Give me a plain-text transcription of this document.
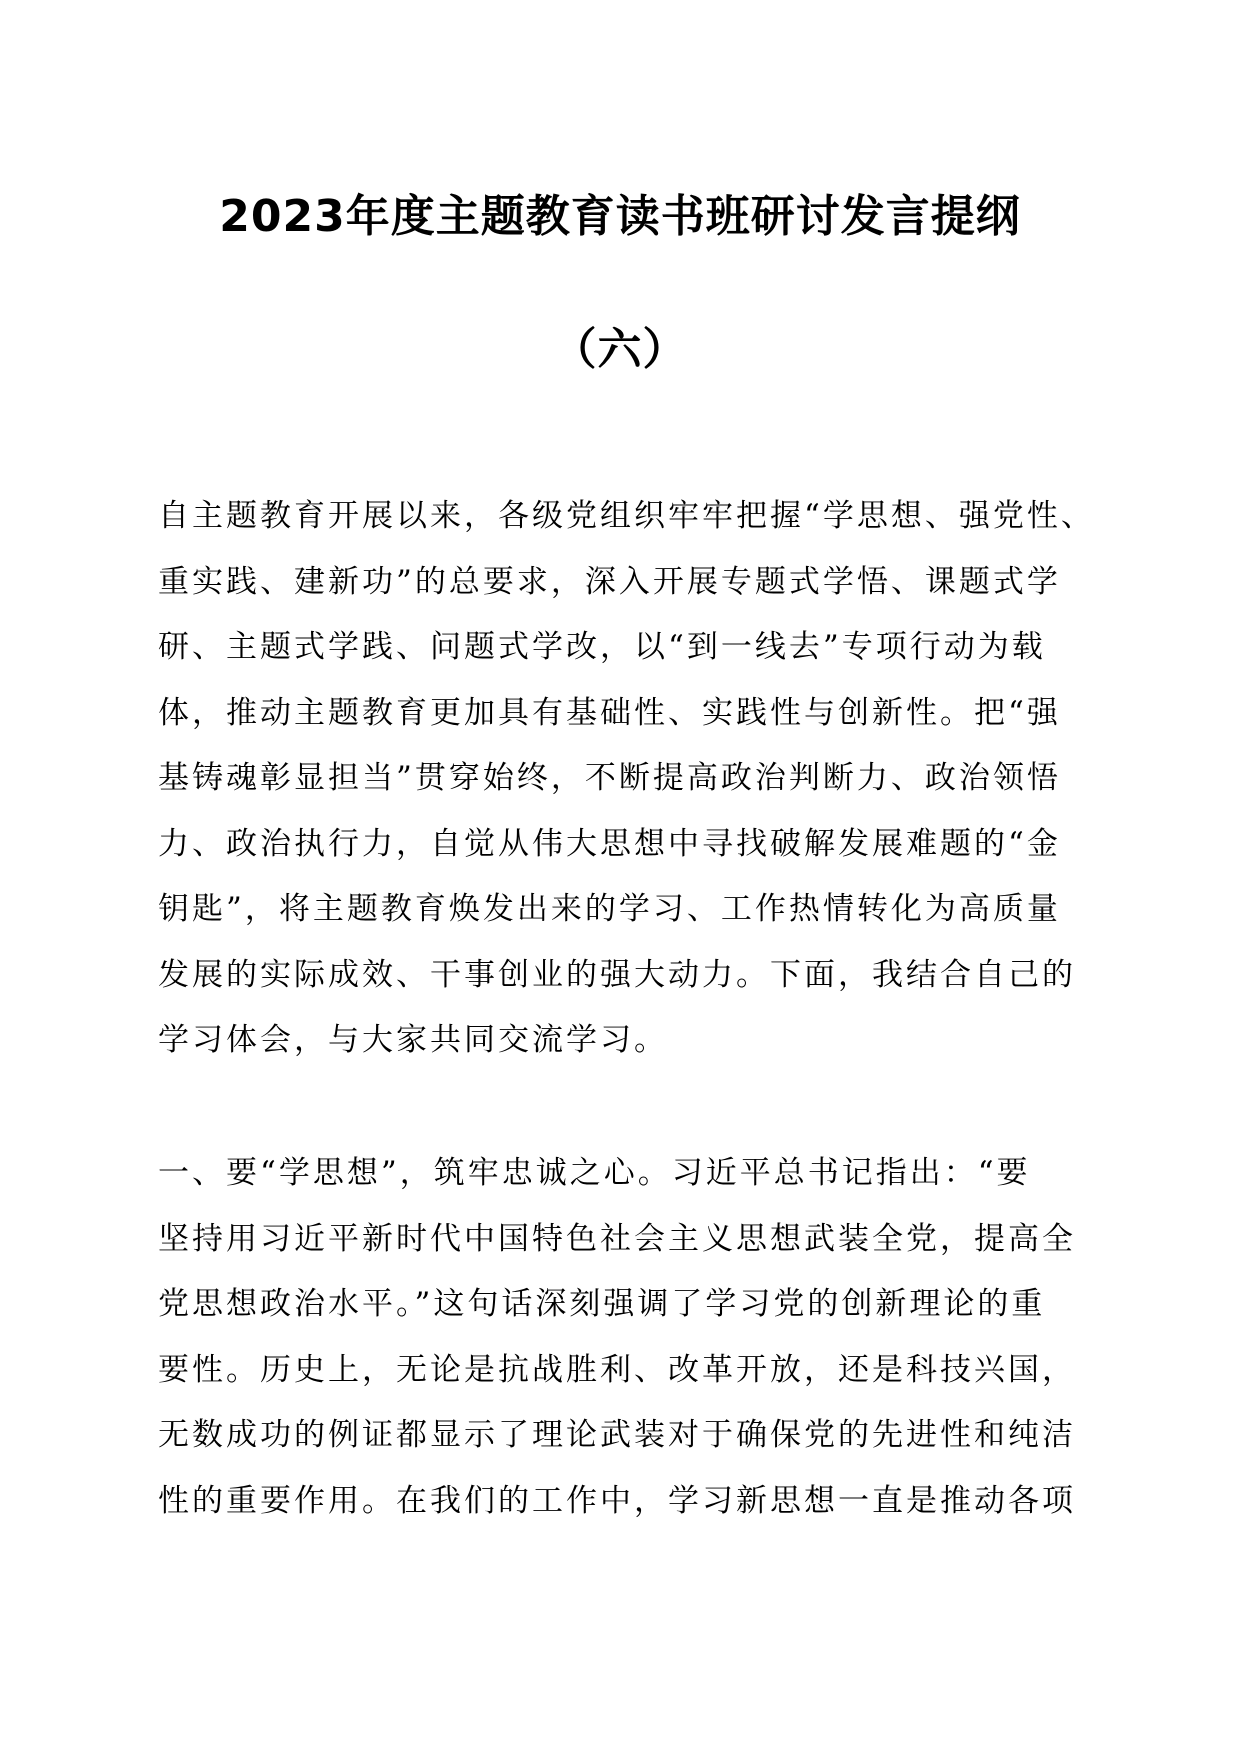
2023年度主题教育读书班研讨发言提纲
（六）
自主题教育开展以来，各级党组织牢牢把握“学思想、强党性、
重实践、建新功”的总要求，深入开展专题式学悟、课题式学
研、主题式学践、问题式学改，以“到一线去”专项行动为载
体，推动主题教育更加具有基础性、实践性与创新性。把“强
基铸魂彰显担当”贯穿始终，不断提高政治判断力、政治领悟
力、政治执行力，自觉从伟大思想中寻找破解发展难题的“金
钥匙”，将主题教育焕发出来的学习、工作热情转化为高质量
发展的实际成效、干事创业的强大动力。下面，我结合自己的
学习体会，与大家共同交流学习。
一、要“学思想”，筑牢忠诚之心。习近平总书记指出：“要
坚持用习近平新时代中国特色社会主义思想武装全党，提高全
党思想政治水平。”这句话深刻强调了学习党的创新理论的重
要性。历史上，无论是抗战胜利、改革开放，还是科技兴国，
无数成功的例证都显示了理论武装对于确保党的先进性和纯洁
性的重要作用。在我们的工作中，学习新思想一直是推动各项
